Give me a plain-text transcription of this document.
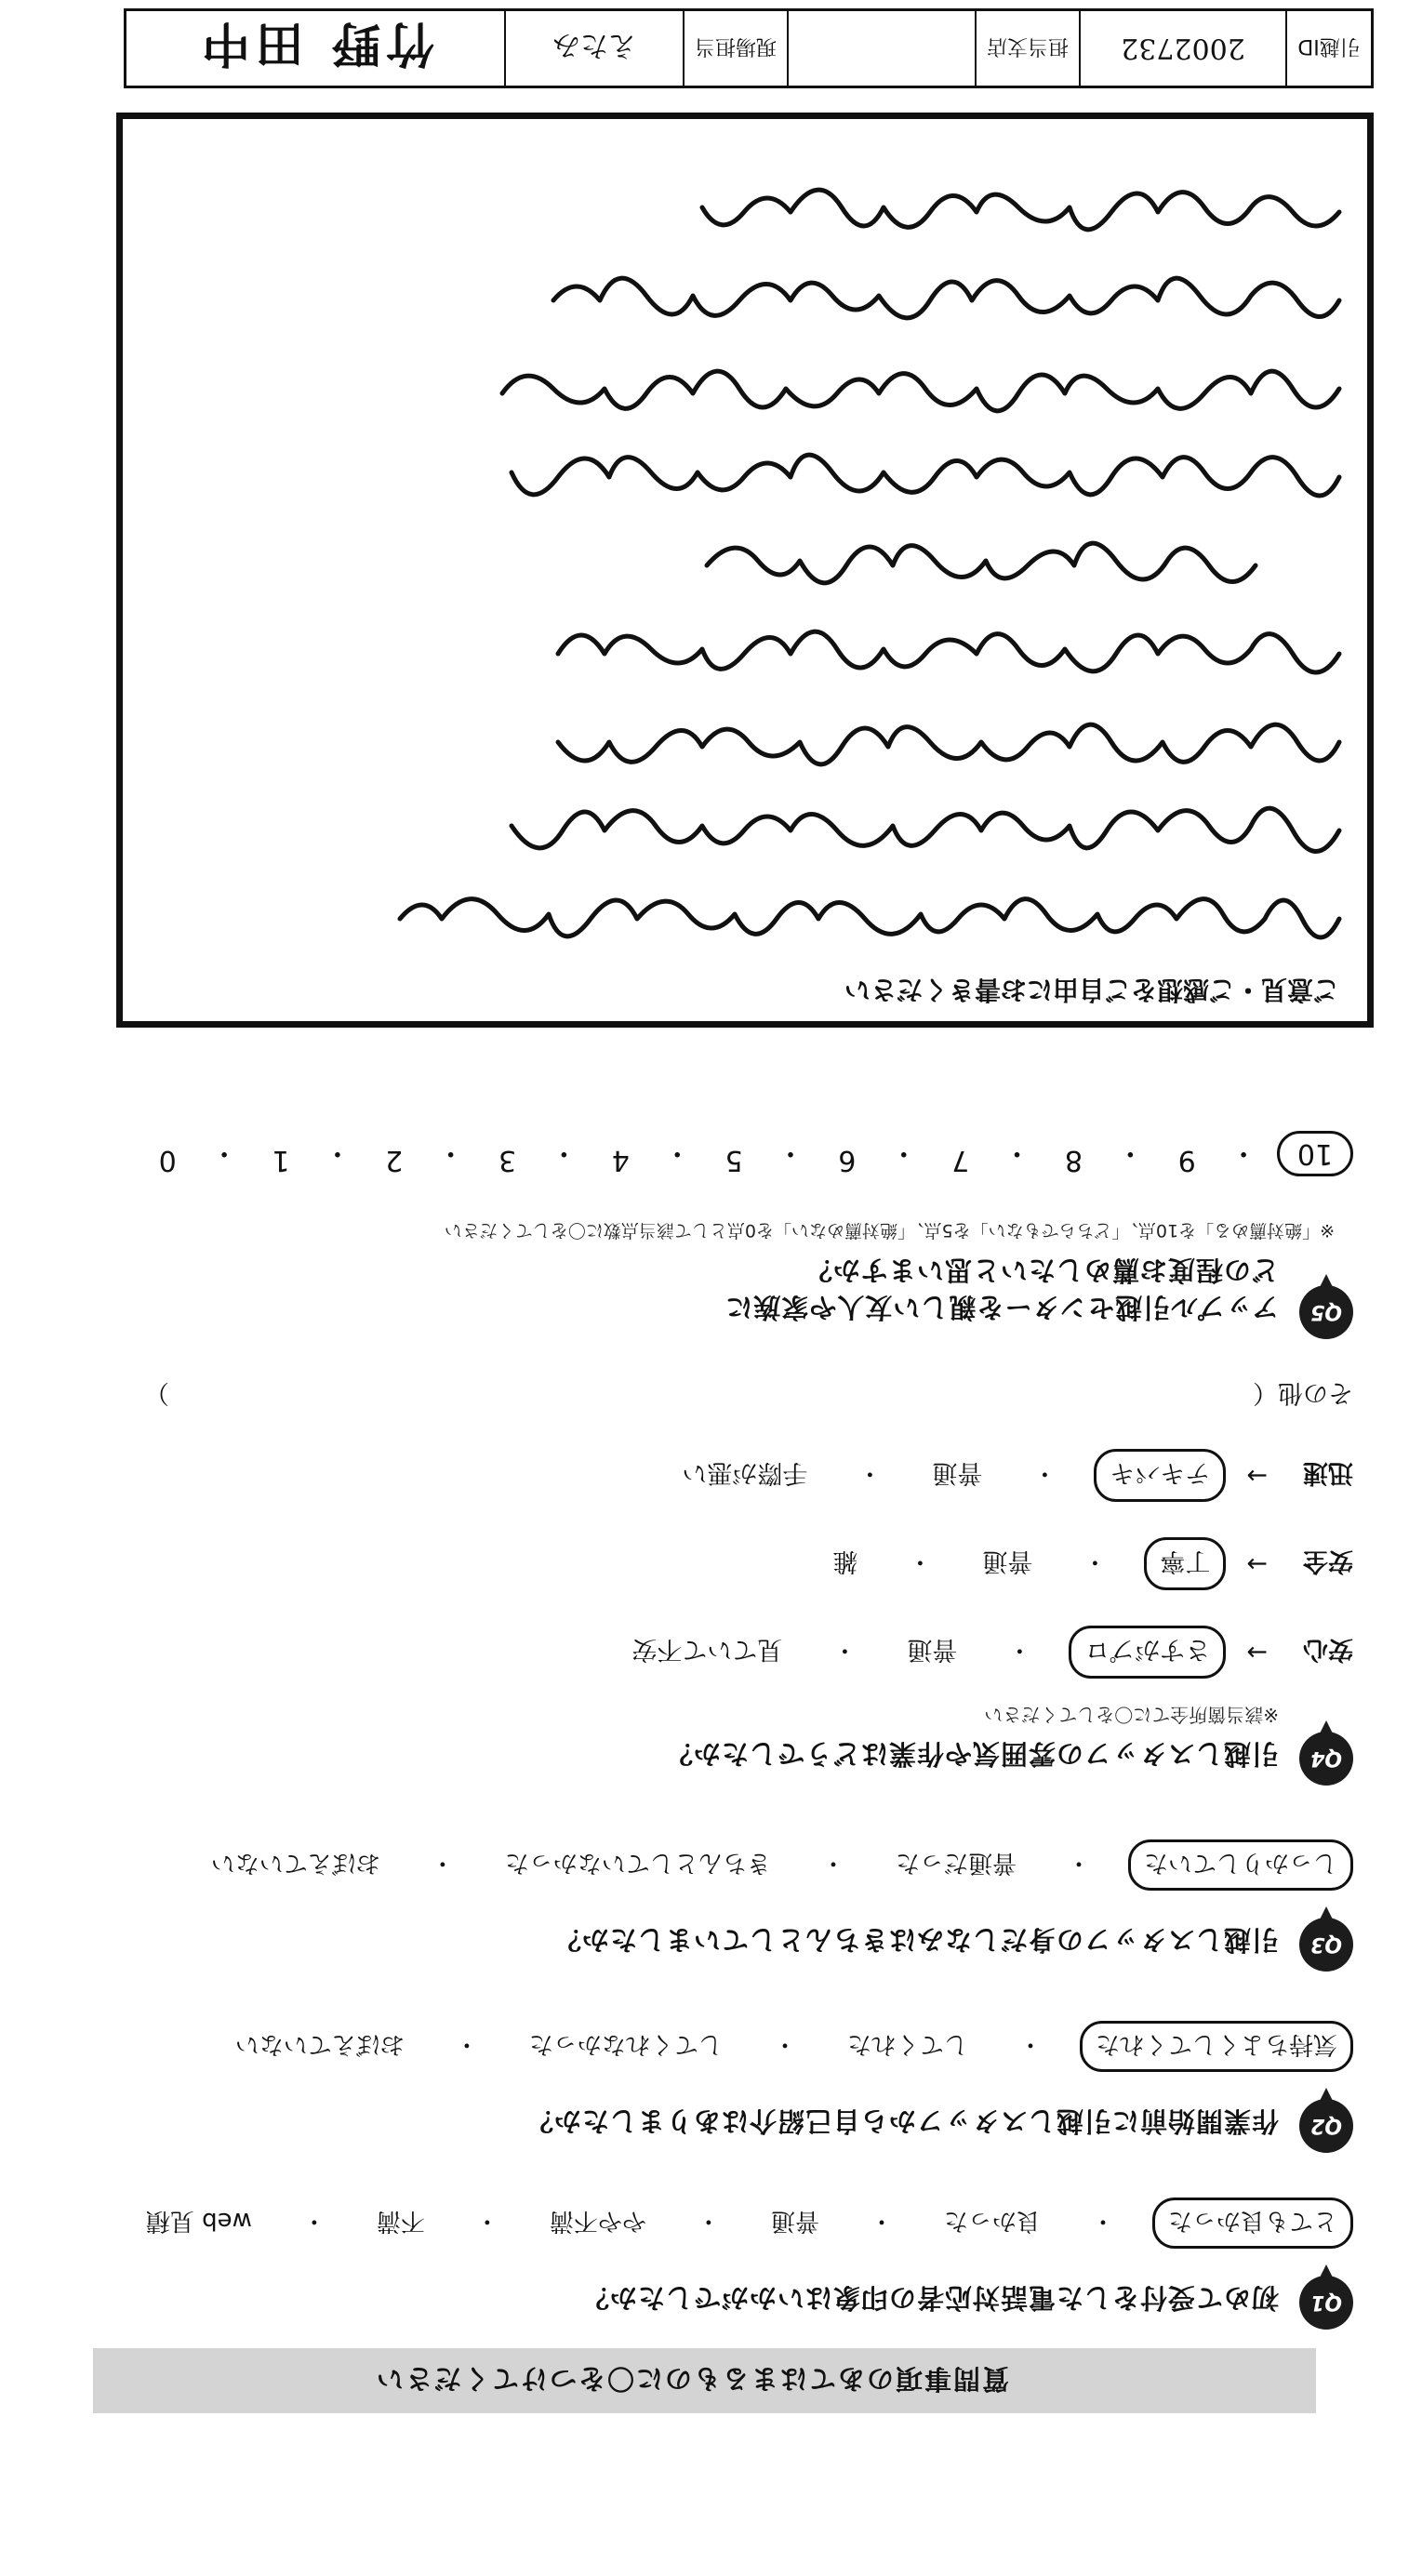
質問事項のあてはまるものに〇をつけてください
Q1
初めて受付をした電話対応者の印象はいかがでしたか？
とても良かった
・
良かった
・
普通
・
やや不満
・
不満
・
web 見積
Q2
作業開始前に引越しスタッフから自己紹介はありましたか？
気持ちよくしてくれた
・
してくれた
・
してくれなかった
・
おぼえていない
Q3
引越しスタッフの身だしなみはきちんとしていましたか？
しっかりしていた
・
普通だった
・
きちんとしていなかった
・
おぼえていない
Q4
引越しスタッフの雰囲気や作業はどうでしたか？
※該当箇所全てに〇をしてください
安心
→
さすがプロ
・
普通
・
見ていて不安
安全
→
丁寧
・
普通
・
雑
迅速
→
テキパキ
・
普通
・
手際が悪い
その他（
）
Q5
アップル引越センターを親しい友人や家族に
どの程度お薦めしたいと思いますか？
※「絶対薦める」を10点、「どちらでもない」を5点、「絶対薦めない」を0点として該当点数に〇をしてください
10
・
9
・
8
・
7
・
6
・
5
・
4
・
3
・
2
・
1
・
0
ご意見・ご感想をご自由にお書きください
引越ID
2002732
担当支店
現場担当
えたみ
竹野 田中
